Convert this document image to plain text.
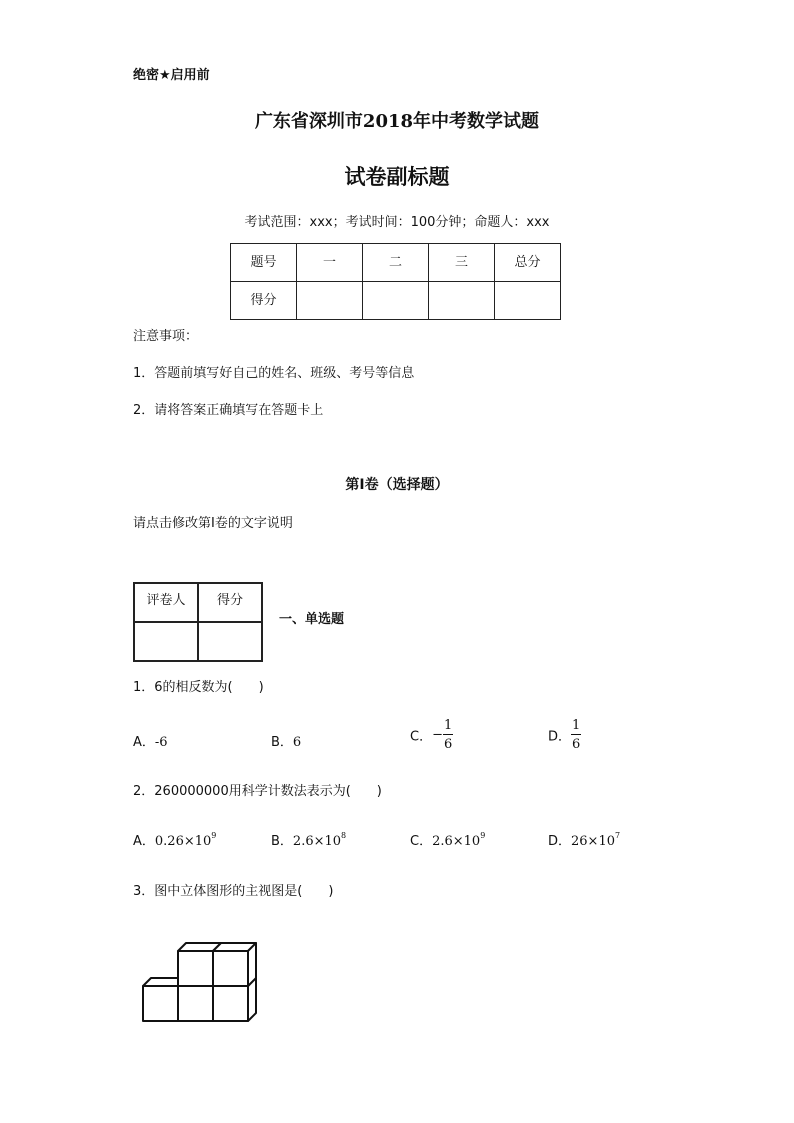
绝密★启用前
广东省深圳市2018年中考数学试题
试卷副标题
考试范围：xxx；考试时间：100分钟；命题人：xxx
题号	一	二	三	总分
得分				
注意事项：
1．答题前填写好自己的姓名、班级、考号等信息
2．请将答案正确填写在答题卡上
第I卷（选择题）
请点击修改第I卷的文字说明
评卷人	得分

一、单选题
1．6的相反数为(　　)
A．-6	B．6	C．− $\frac{1}{6}$	D． $\frac{1}{6}$
2．260000000用科学计数法表示为(　　)
A．$0.26\times 10^9$	B．$2.6\times 10^8$	C．$2.6\times 10^9$	D．$26\times 10^7$
3．图中立体图形的主视图是(　　)
